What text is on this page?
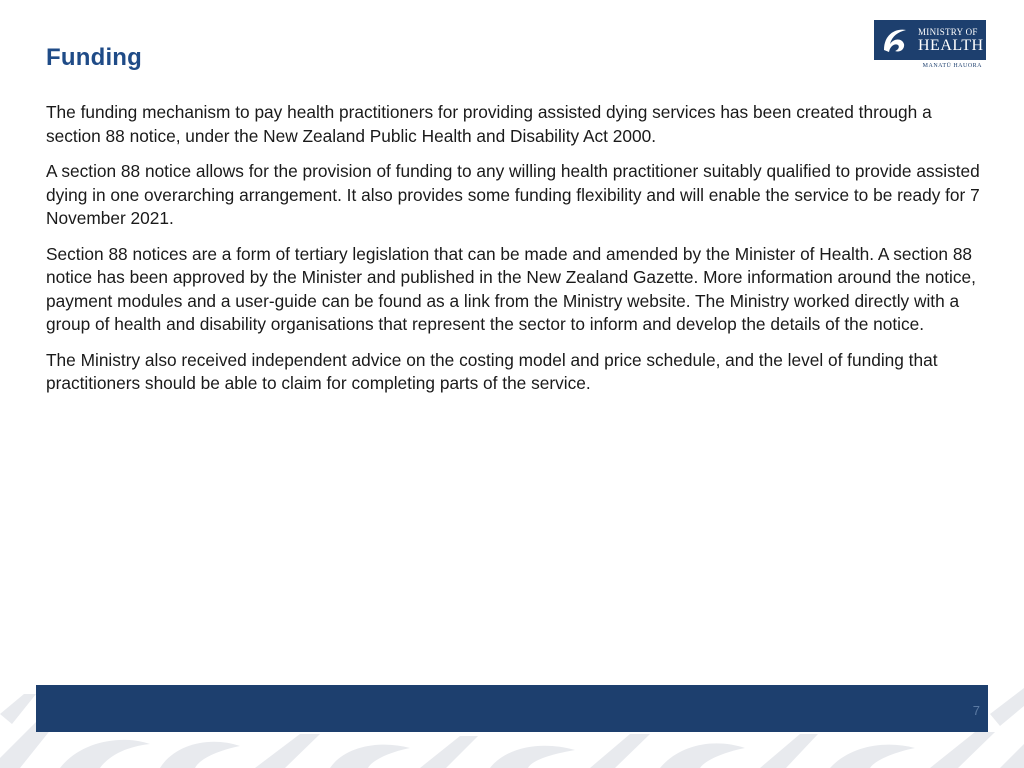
Funding
MINISTRY OF
HEALTH
MANATŪ HAUORA

The funding mechanism to pay health practitioners for providing assisted dying services has been created through a section 88 notice, under the New Zealand Public Health and Disability Act 2000.

A section 88 notice allows for the provision of funding to any willing health practitioner suitably qualified to provide assisted dying in one overarching arrangement. It also provides some funding flexibility and will enable the service to be ready for 7 November 2021.

Section 88 notices are a form of tertiary legislation that can be made and amended by the Minister of Health. A section 88 notice has been approved by the Minister and published in the New Zealand Gazette. More information around the notice, payment modules and a user-guide can be found as a link from the Ministry website. The Ministry worked directly with a group of health and disability organisations that represent the sector to inform and develop the details of the notice.

The Ministry also received independent advice on the costing model and price schedule, and the level of funding that practitioners should be able to claim for completing parts of the service.

7
